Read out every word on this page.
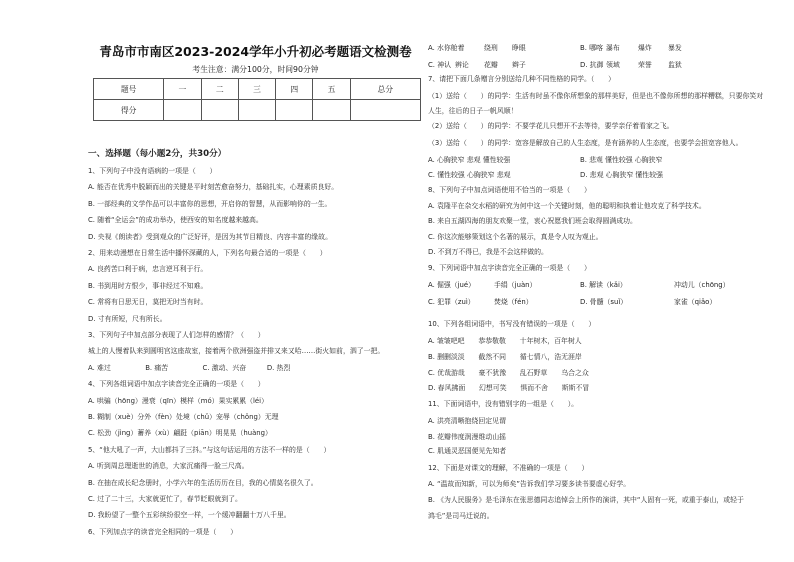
青岛市市南区2023-2024学年小升初必考题语文检测卷
考生注意：满分100分，时间90分钟
题号	一	二	三	四	五	总分
得分						
一、选择题（每小题2分，共30分）
1、下列句子中没有语病的一项是（　　）
A. 能否在优秀中脱颖而出的关键是平时刻苦愈奋努力，基础扎实，心理素质良好。
B. 一部经典的文学作品可以丰富你的思想，开启你的智慧，从而影响你的一生。
C. 随着“全运会”的成功举办，使西安的知名度越来越高。
D. 央视《朗读者》受到观众的广泛好评，是因为其节目精良、内容丰富的缘故。
2、用来动漫想在日常生活中播怀深藏的人，下列名句最合适的一项是（　　）
A. 良药苦口利于病，忠言逆耳利于行。
B. 书到用时方恨少，事非经过不知难。
C. 常将有日思无日，莫把无时当有时。
D. 寸有所短，尺有所长。
3、下列句子中加点部分表现了人们怎样的感情？（　　）
城上的人慢着队来到圆明宫这座故室，接着两个欧洲强盗并排又来又哈……街火如前，泗了一把。
A. 难过　　　　　B. 痛苦　　　　　C. 激动、兴奋　　　D. 热烈
4、下列各组词语中加点字读音完全正确的一项是（　　）
A. 哄骗（hōng）漫衰（qīn）模样（mó）果实累累（léi）
B. 糊制（xuè）分外（fèn）处境（chǔ）宠辱（chǒng）无理
C. 松劲（jìng）蓄养（xù）翩跹（piān）明晃晃（huàng）
5、“他大吼了一声，大山都抖了三抖。”与这句话运用的方法不一样的是（　　）
A. 听到周总理逝世的消息，大家沉痛得一脸三尺高。
B. 在抽在成长纪念册时，小学六年的生活历历在目，我的心情莫名很久了。
C. 过了二十三，大家就更忙了，春节眨眼就到了。
D. 我盼望了一整个五彩缤纷很空一样，一个缓冲翻翻十万八千里。
6、下列加点字的读音完全相同的一项是（　　）
A. 水你舱着	绕刑 睁眼	B. 哪喀 瀑布	爆炸 暴发
C. 神认 辨论 花瓣 辫子	D. 抗御 领域	荣誉 监狱
7、请把下面几条赠言分别送给几种不同性格的同学。（　　）
（1）送给（　　）的同学：生活有时虽不像你所想象的那样美好，但是也不像你所想的那样糟糕，只要你笑对
人生，往后的日子一帆风顺！
（2）送给（　　）的同学：不要学花儿只想开不去等待，要学亲仔着看家之飞。
（3）送给（　　）的同学：宽容是解放自己的人生态度，是有涵养的人生态度，也要学会担宽容他人。
A. 心胸狭窄 悲观 懂性较强
C. 懂性较强 心胸狭窄 悲观
8、下列句子中加点词语使用不恰当的一项是（　　）
A. 袁隆平在杂交水稻的研究为何中这一个关键时刻，他的聪明和执着让他攻克了科学技术。
B. 来自五湖四海的朋友欢聚一堂，衷心祝愿我们班会取得圆满成功。
C. 你这次能够策划这个名著的展示，真是令人叹为观止。
D. 不到万不得已，我是不会这样做的。
9、下列词语中加点字读音完全正确的一项是（　　）
B. 悲观 懂性较强 心胸狭窄
D. 悲观 心胸狭窄 懂性较强
A. 倔强（jué）	手绢（juàn）	B. 解读（kǎi）	冲动儿（chōng）
C. 犯罪（zuì）	焚烧（fén）	D. 骨髓（suǐ）	家雀（qiǎo）
10、下列各组词语中，书写没有错误的一项是（　　）
A. 皱皱吧吧　　恭恭敬敬　　十年树木，百年树人
B. 删删淡淡　　截然不同　　循七情八，浩无涯岸
C. 优哉游哉　　豪不犹豫　　乱石野草　　乌合之众
D. 春风拂面　　幻想可笑　　惧而不舍　　斯斯不冒
11、下面词语中，没有错别字的一组是（　　）。
A. 洪亮清晰抱绕回定见谓
B. 花瓣伟度润漫维动山摇
C. 肌通灵恶国便见先知者
12、下面是对课文的理解，不准确的一项是（　　）
A. “温故而知新，可以为师矣”告诉我们学习要多读书要虚心好学。
B. 《为人民服务》是毛泽东在张思德同志追悼会上所作的演讲，其中“人固有一死，或重于泰山，或轻于
鸿毛”是司马迁说的。
